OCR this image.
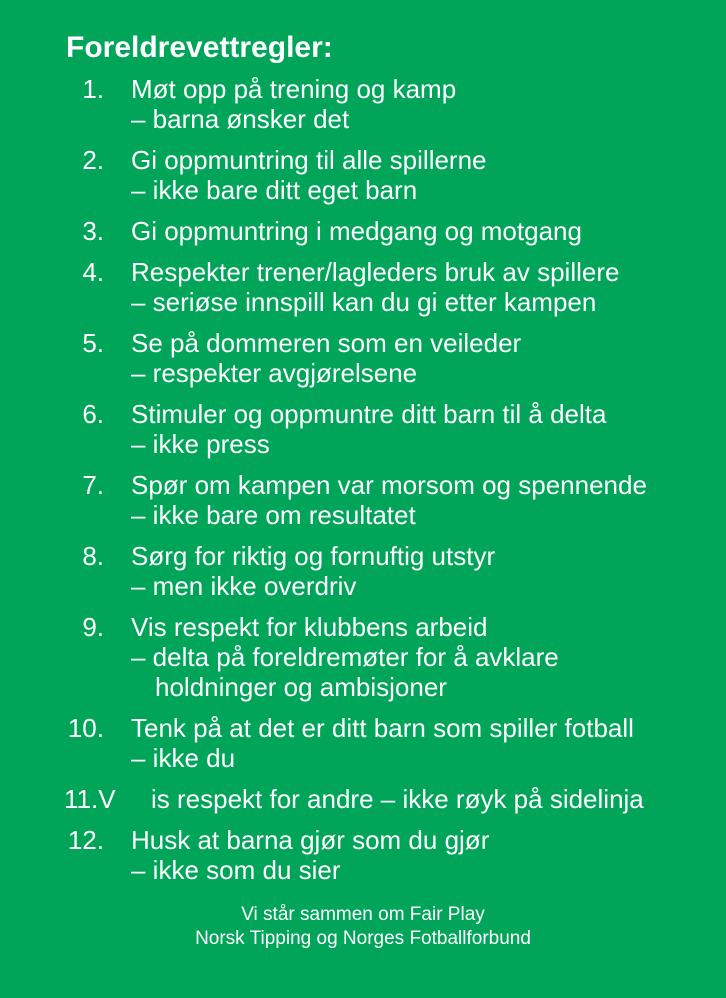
Foreldrevettregler:
1. Møt opp på trening og kamp
– barna ønsker det
2. Gi oppmuntring til alle spillerne
– ikke bare ditt eget barn
3. Gi oppmuntring i medgang og motgang
4. Respekter trener/lagleders bruk av spillere
– seriøse innspill kan du gi etter kampen
5. Se på dommeren som en veileder
– respekter avgjørelsene
6. Stimuler og oppmuntre ditt barn til å delta
– ikke press
7. Spør om kampen var morsom og spennende
– ikke bare om resultatet
8. Sørg for riktig og fornuftig utstyr
– men ikke overdriv
9. Vis respekt for klubbens arbeid
– delta på foreldremøter for å avklare
holdninger og ambisjoner
10. Tenk på at det er ditt barn som spiller fotball
– ikke du
11.V is respekt for andre – ikke røyk på sidelinja
12. Husk at barna gjør som du gjør
– ikke som du sier
Vi står sammen om Fair Play
Norsk Tipping og Norges Fotballforbund
